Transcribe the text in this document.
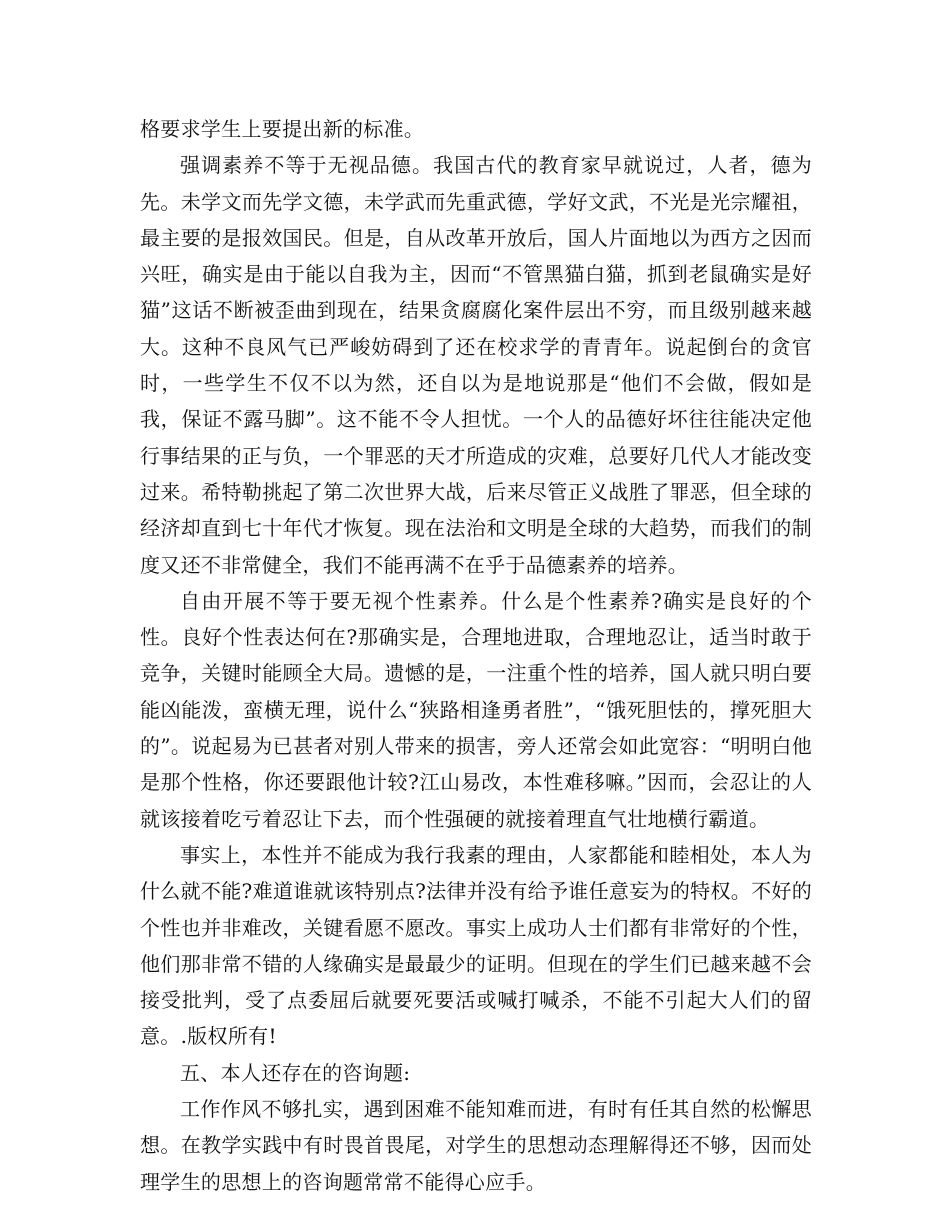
格要求学生上要提出新的标准。

强调素养不等于无视品德。我国古代的教育家早就说过，人者，德为先。未学文而先学文德，未学武而先重武德，学好文武，不光是光宗耀祖，最主要的是报效国民。但是，自从改革开放后，国人片面地以为西方之因而兴旺，确实是由于能以自我为主，因而“不管黑猫白猫，抓到老鼠确实是好猫”这话不断被歪曲到现在，结果贪腐腐化案件层出不穷，而且级别越来越大。这种不良风气已严峻妨碍到了还在校求学的青青年。说起倒台的贪官时，一些学生不仅不以为然，还自以为是地说那是“他们不会做，假如是我，保证不露马脚”。这不能不令人担忧。一个人的品德好坏往往能决定他行事结果的正与负，一个罪恶的天才所造成的灾难，总要好几代人才能改变过来。希特勒挑起了第二次世界大战，后来尽管正义战胜了罪恶，但全球的经济却直到七十年代才恢复。现在法治和文明是全球的大趋势，而我们的制度又还不非常健全，我们不能再满不在乎于品德素养的培养。

自由开展不等于要无视个性素养。什么是个性素养?确实是良好的个性。良好个性表达何在?那确实是，合理地进取，合理地忍让，适当时敢于竞争，关键时能顾全大局。遗憾的是，一注重个性的培养，国人就只明白要能凶能泼，蛮横无理，说什么“狭路相逢勇者胜”，“饿死胆怯的，撑死胆大的”。说起易为已甚者对别人带来的损害，旁人还常会如此宽容：“明明白他是那个性格，你还要跟他计较?江山易改，本性难移嘛。”因而，会忍让的人就该接着吃亏着忍让下去，而个性强硬的就接着理直气壮地横行霸道。

事实上，本性并不能成为我行我素的理由，人家都能和睦相处，本人为什么就不能?难道谁就该特别点?法律并没有给予谁任意妄为的特权。不好的个性也并非难改，关键看愿不愿改。事实上成功人士们都有非常好的个性，他们那非常不错的人缘确实是最最少的证明。但现在的学生们已越来越不会接受批判，受了点委屈后就要死要活或喊打喊杀，不能不引起大人们的留意。.版权所有!

五、本人还存在的咨询题:

工作作风不够扎实，遇到困难不能知难而进，有时有任其自然的松懈思想。在教学实践中有时畏首畏尾，对学生的思想动态理解得还不够，因而处理学生的思想上的咨询题常常不能得心应手。
